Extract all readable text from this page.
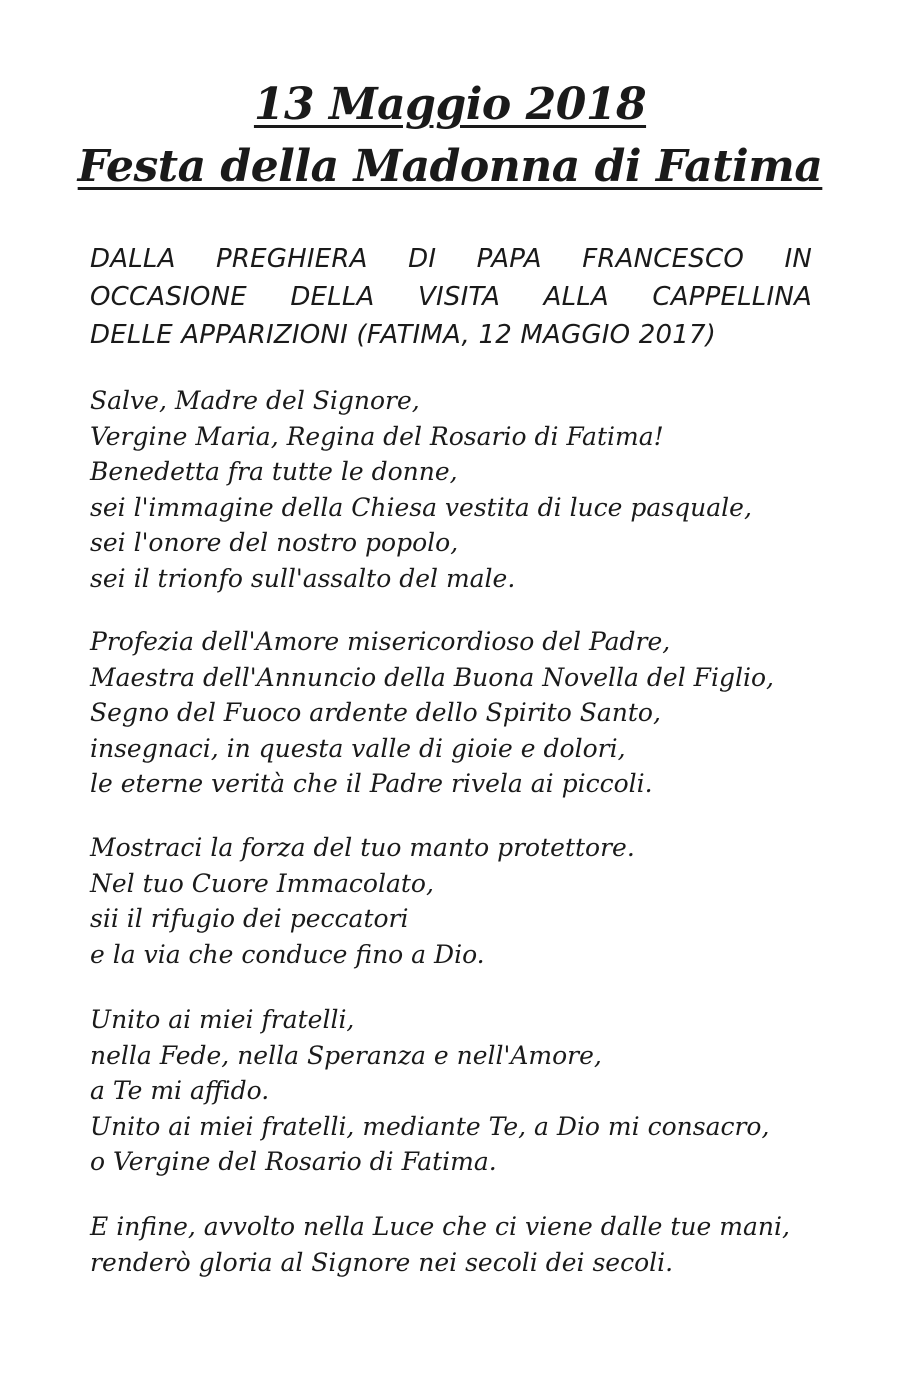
13 Maggio 2018
Festa della Madonna di Fatima
DALLA PREGHIERA DI PAPA FRANCESCO IN
OCCASIONE DELLA VISITA ALLA CAPPELLINA
DELLE APPARIZIONI (FATIMA, 12 MAGGIO 2017)
Salve, Madre del Signore,
Vergine Maria, Regina del Rosario di Fatima!
Benedetta fra tutte le donne,
sei l'immagine della Chiesa vestita di luce pasquale,
sei l'onore del nostro popolo,
sei il trionfo sull'assalto del male.
Profezia dell'Amore misericordioso del Padre,
Maestra dell'Annuncio della Buona Novella del Figlio,
Segno del Fuoco ardente dello Spirito Santo,
insegnaci, in questa valle di gioie e dolori,
le eterne verità che il Padre rivela ai piccoli.
Mostraci la forza del tuo manto protettore.
Nel tuo Cuore Immacolato,
sii il rifugio dei peccatori
e la via che conduce fino a Dio.
Unito ai miei fratelli,
nella Fede, nella Speranza e nell'Amore,
a Te mi affido.
Unito ai miei fratelli, mediante Te, a Dio mi consacro,
o Vergine del Rosario di Fatima.
E infine, avvolto nella Luce che ci viene dalle tue mani,
renderò gloria al Signore nei secoli dei secoli.
